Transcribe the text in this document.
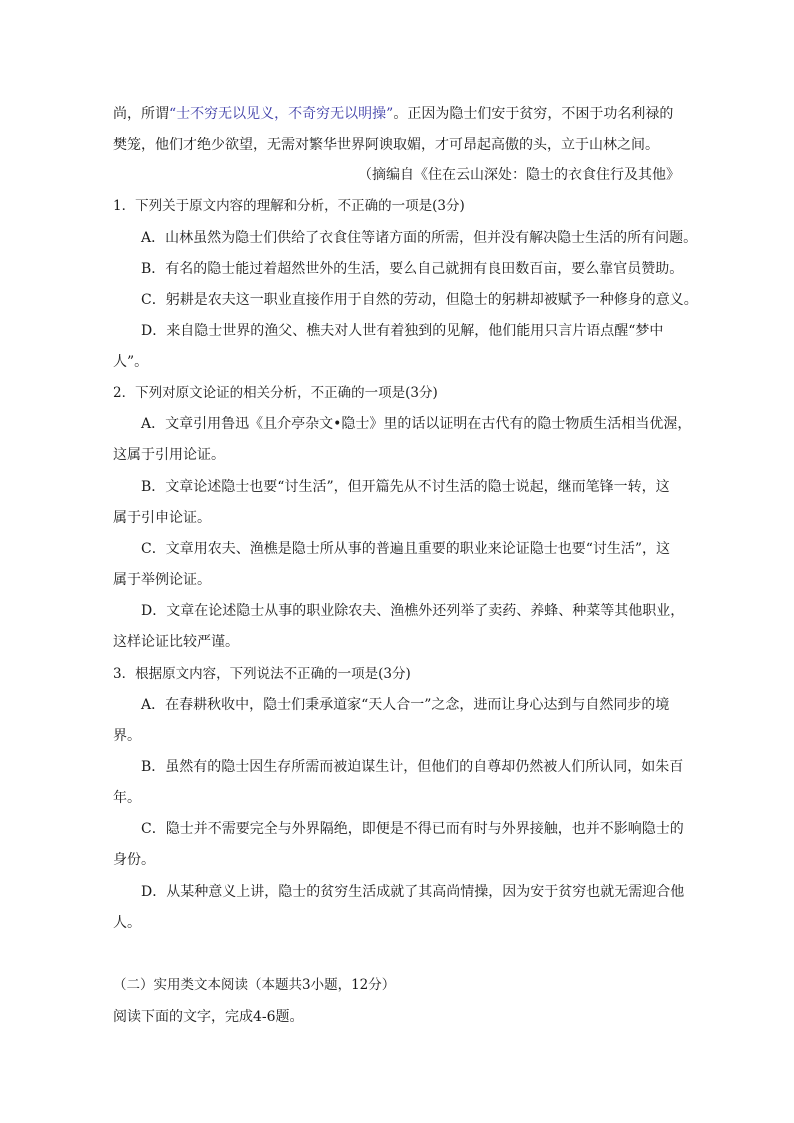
尚，所谓“士不穷无以见义，不奇穷无以明操”。正因为隐士们安于贫穷，不困于功名利禄的
樊笼，他们才绝少欲望，无需对繁华世界阿谀取媚，才可昂起高傲的头，立于山林之间。
（摘编自《住在云山深处：隐士的衣食住行及其他》
1．下列关于原文内容的理解和分析，不正确的一项是(3分)
A．山林虽然为隐士们供给了衣食住等诸方面的所需，但并没有解决隐士生活的所有问题。
B．有名的隐士能过着超然世外的生活，要么自己就拥有良田数百亩，要么靠官员赞助。
C．躬耕是农夫这一职业直接作用于自然的劳动，但隐士的躬耕却被赋予一种修身的意义。
D．来自隐士世界的渔父、樵夫对人世有着独到的见解，他们能用只言片语点醒“梦中
人”。
2．下列对原文论证的相关分析，不正确的一项是(3分)
A．文章引用鲁迅《且介亭杂文•隐士》里的话以证明在古代有的隐士物质生活相当优渥，
这属于引用论证。
B．文章论述隐士也要“讨生活”，但开篇先从不讨生活的隐士说起，继而笔锋一转，这
属于引申论证。
C．文章用农夫、渔樵是隐士所从事的普遍且重要的职业来论证隐士也要“讨生活”，这
属于举例论证。
D．文章在论述隐士从事的职业除农夫、渔樵外还列举了卖药、养蜂、种菜等其他职业，
这样论证比较严谨。
3．根据原文内容，下列说法不正确的一项是(3分)
A．在春耕秋收中，隐士们秉承道家“天人合一”之念，进而让身心达到与自然同步的境
界。
B．虽然有的隐士因生存所需而被迫谋生计，但他们的自尊却仍然被人们所认同，如朱百
年。
C．隐士并不需要完全与外界隔绝，即便是不得已而有时与外界接触，也并不影响隐士的
身份。
D．从某种意义上讲，隐士的贫穷生活成就了其高尚情操，因为安于贫穷也就无需迎合他
人。
（二）实用类文本阅读（本题共3小题，12分）
阅读下面的文字，完成4-6题。
